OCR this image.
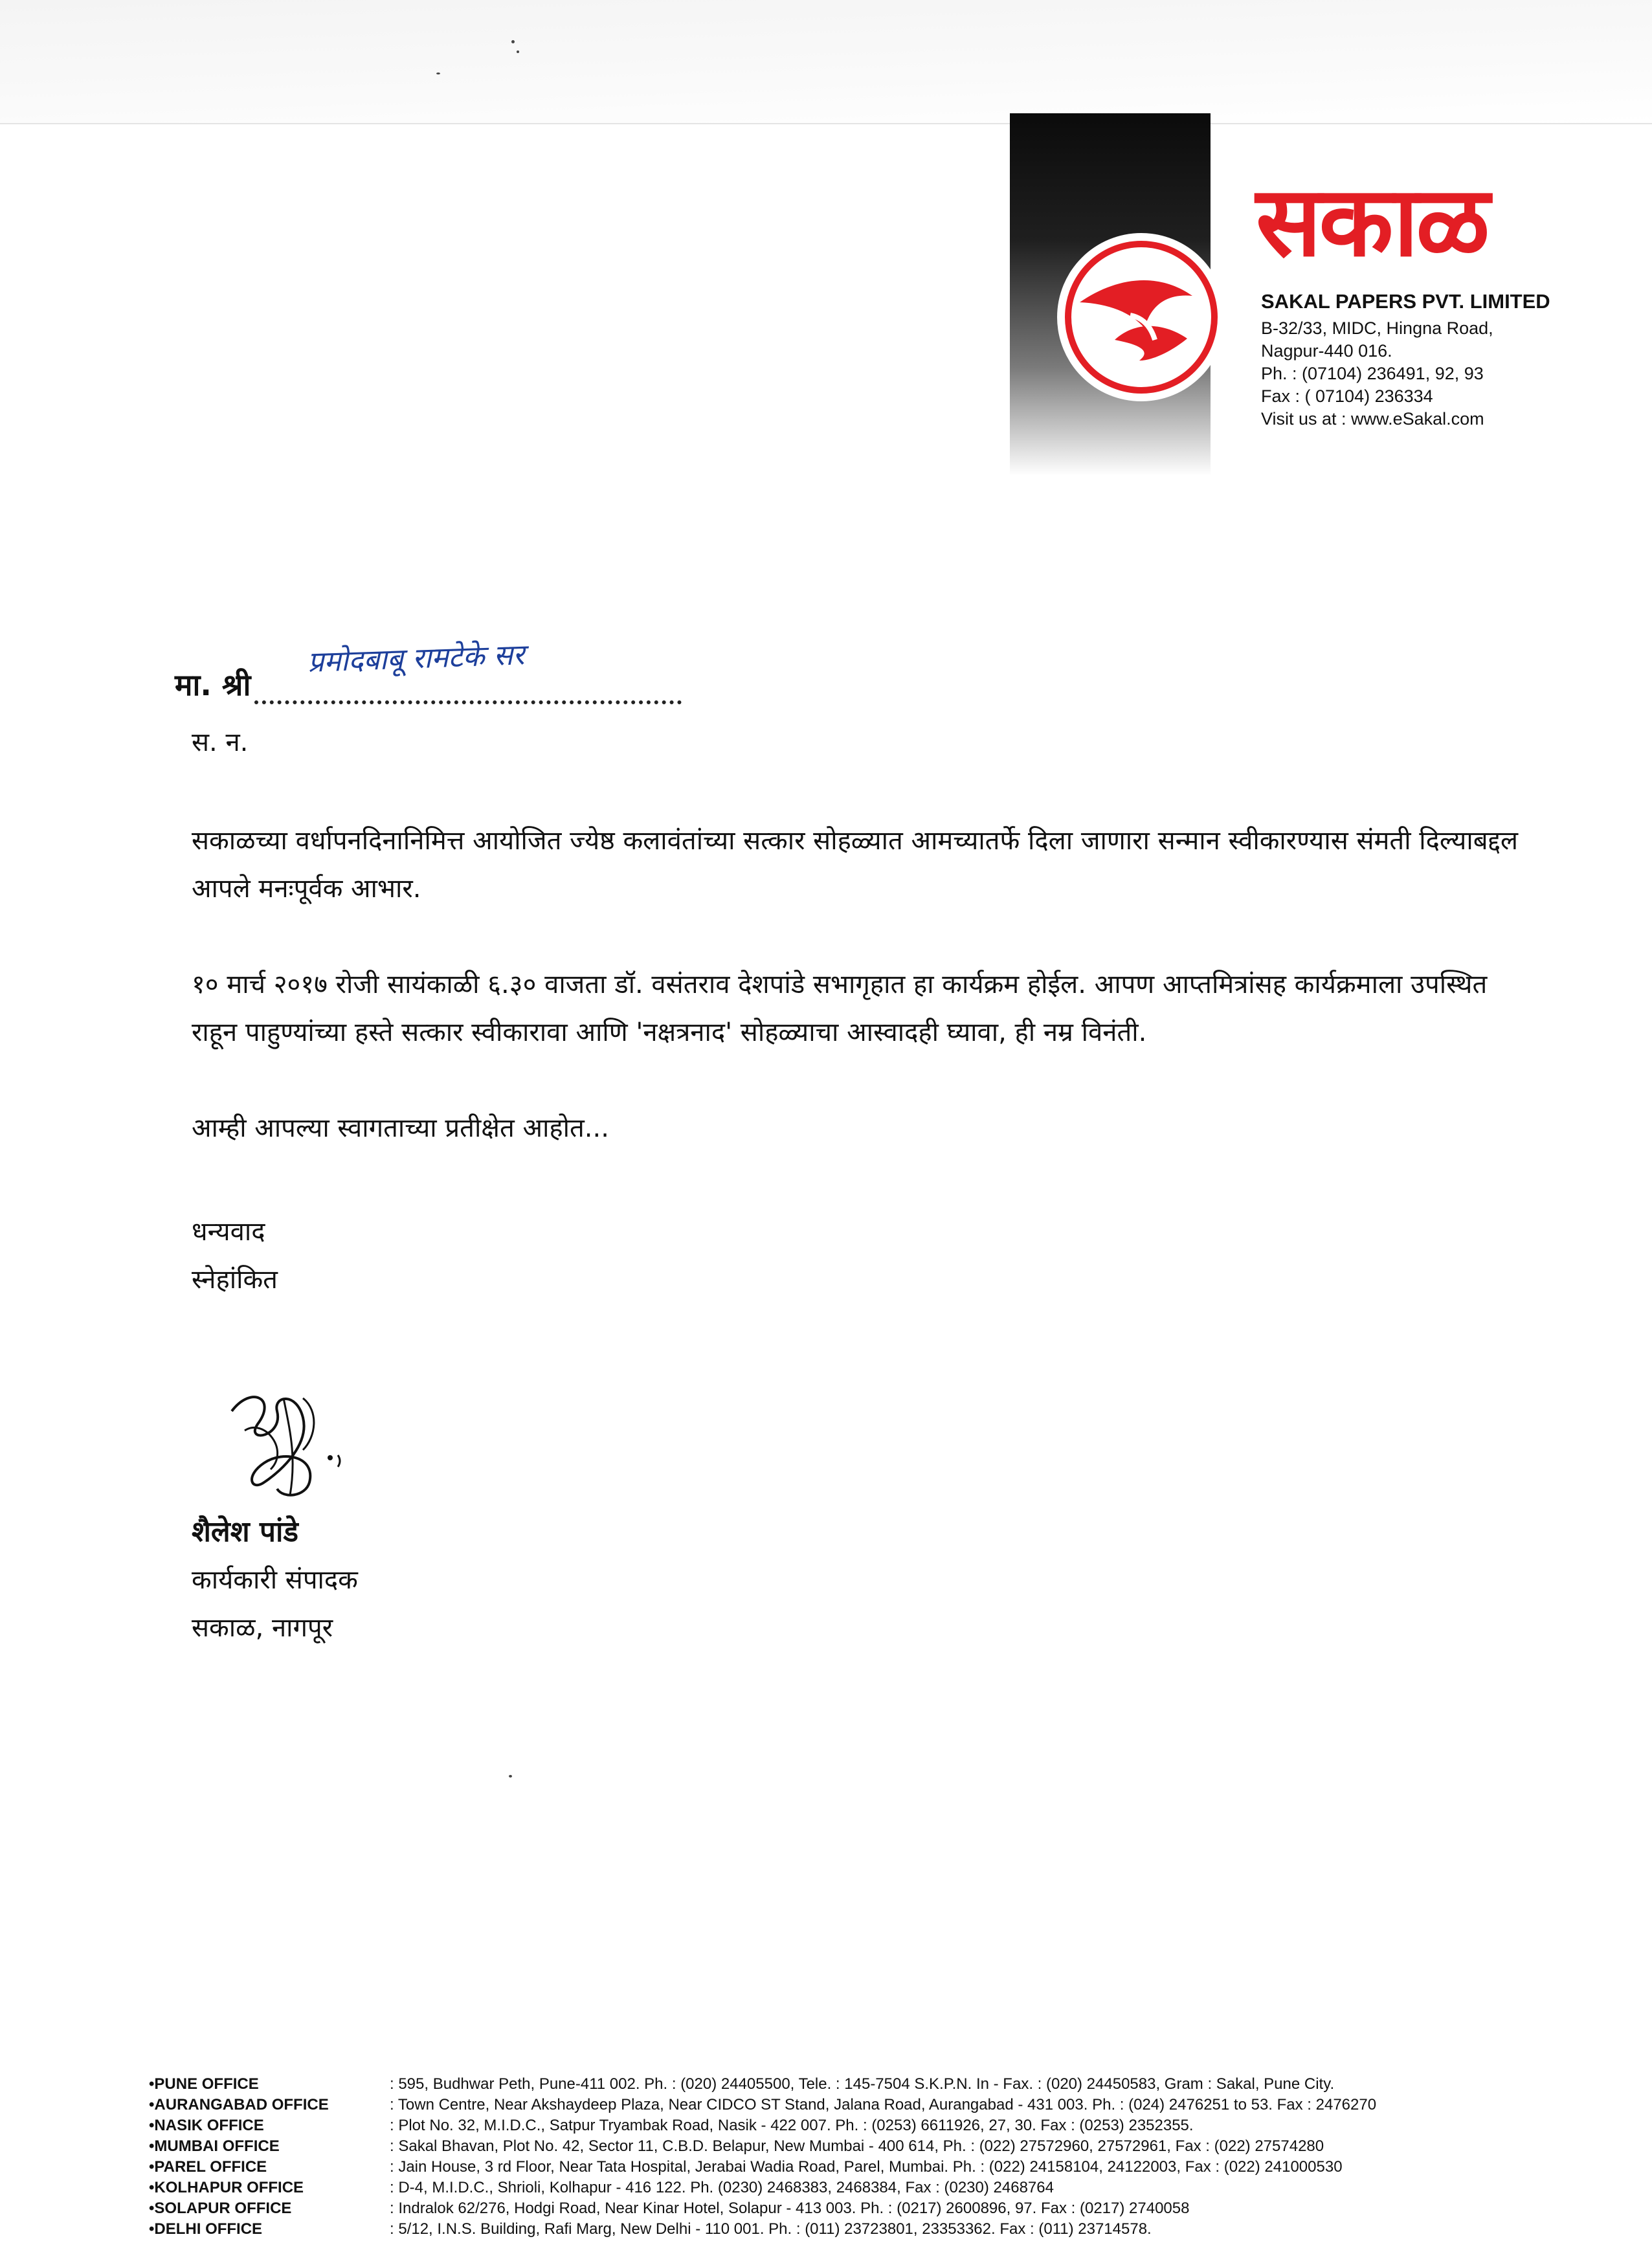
सकाळ
SAKAL PAPERS PVT. LIMITED
B-32/33, MIDC, Hingna Road,
Nagpur-440 016.
Ph. : (07104) 236491, 92, 93
Fax : ( 07104) 236334
Visit us at : www.eSakal.com
मा. श्री
प्रमोदबाबू रामटेके सर

स. न.

सकाळच्या वर्धापनदिनानिमित्त आयोजित ज्येष्ठ कलावंतांच्या सत्कार सोहळ्यात आमच्यातर्फे दिला जाणारा सन्मान स्वीकारण्यास संमती दिल्याबद्दल आपले मनःपूर्वक आभार.

१० मार्च २०१७ रोजी सायंकाळी ६.३० वाजता डॉ. वसंतराव देशपांडे सभागृहात हा कार्यक्रम होईल. आपण आप्तमित्रांसह कार्यक्रमाला उपस्थित राहून पाहुण्यांच्या हस्ते सत्कार स्वीकारावा आणि 'नक्षत्रनाद' सोहळ्याचा आस्वादही घ्यावा, ही नम्र विनंती.

आम्ही आपल्या स्वागताच्या प्रतीक्षेत आहोत...

धन्यवाद

स्नेहांकित

शैलेश पांडे
कार्यकारी संपादक
सकाळ, नागपूर
•PUNE OFFICE	: 595, Budhwar Peth, Pune-411 002. Ph. : (020) 24405500, Tele. : 145-7504 S.K.P.N. In - Fax. : (020) 24450583, Gram : Sakal, Pune City.
•AURANGABAD OFFICE	: Town Centre, Near Akshaydeep Plaza, Near CIDCO ST Stand, Jalana Road, Aurangabad - 431 003. Ph. : (024) 2476251 to 53. Fax : 2476270
•NASIK OFFICE	: Plot No. 32, M.I.D.C., Satpur Tryambak Road, Nasik - 422 007. Ph. : (0253) 6611926, 27, 30. Fax : (0253) 2352355.
•MUMBAI OFFICE	: Sakal Bhavan, Plot No. 42, Sector 11, C.B.D. Belapur, New Mumbai - 400 614, Ph. : (022) 27572960, 27572961, Fax : (022) 27574280
•PAREL OFFICE	: Jain House, 3 rd Floor, Near Tata Hospital, Jerabai Wadia Road, Parel, Mumbai. Ph. : (022) 24158104, 24122003, Fax : (022) 241000530
•KOLHAPUR OFFICE	: D-4, M.I.D.C., Shrioli, Kolhapur - 416 122. Ph. (0230) 2468383, 2468384, Fax : (0230) 2468764
•SOLAPUR OFFICE	: Indralok 62/276, Hodgi Road, Near Kinar Hotel, Solapur - 413 003. Ph. : (0217) 2600896, 97. Fax : (0217) 2740058
•DELHI OFFICE	: 5/12, I.N.S. Building, Rafi Marg, New Delhi - 110 001. Ph. : (011) 23723801, 23353362. Fax : (011) 23714578.
